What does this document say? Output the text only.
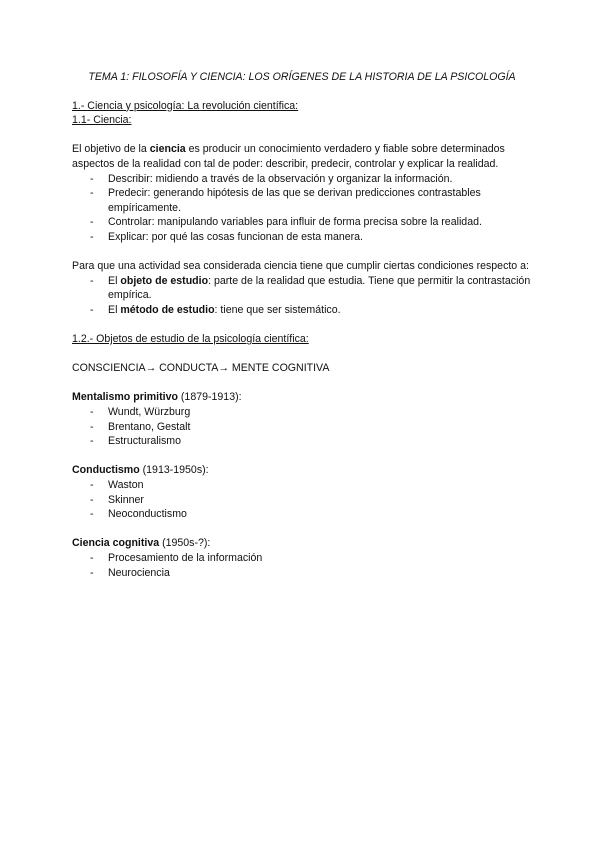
TEMA 1: FILOSOFÍA Y CIENCIA: LOS ORÍGENES DE LA HISTORIA DE LA PSICOLOGÍA

1.- Ciencia y psicología: La revolución científica:

1.1- Ciencia:

El objetivo de la ciencia es producir un conocimiento verdadero y fiable sobre determinados aspectos de la realidad con tal de poder: describir, predecir, controlar y explicar la realidad.

- Describir: midiendo a través de la observación y organizar la información.
- Predecir: generando hipótesis de las que se derivan predicciones contrastables empíricamente.
- Controlar: manipulando variables para influir de forma precisa sobre la realidad.
- Explicar: por qué las cosas funcionan de esta manera.

Para que una actividad sea considerada ciencia tiene que cumplir ciertas condiciones respecto a:

- El objeto de estudio: parte de la realidad que estudia. Tiene que permitir la contrastación empírica.
- El método de estudio: tiene que ser sistemático.

1.2.- Objetos de estudio de la psicología científica:

CONSCIENCIA→ CONDUCTA→ MENTE COGNITIVA

Mentalismo primitivo (1879-1913):

- Wundt, Würzburg
- Brentano, Gestalt
- Estructuralismo

Conductismo (1913-1950s):

- Waston
- Skinner
- Neoconductismo

Ciencia cognitiva (1950s-?):

- Procesamiento de la información
- Neurociencia
